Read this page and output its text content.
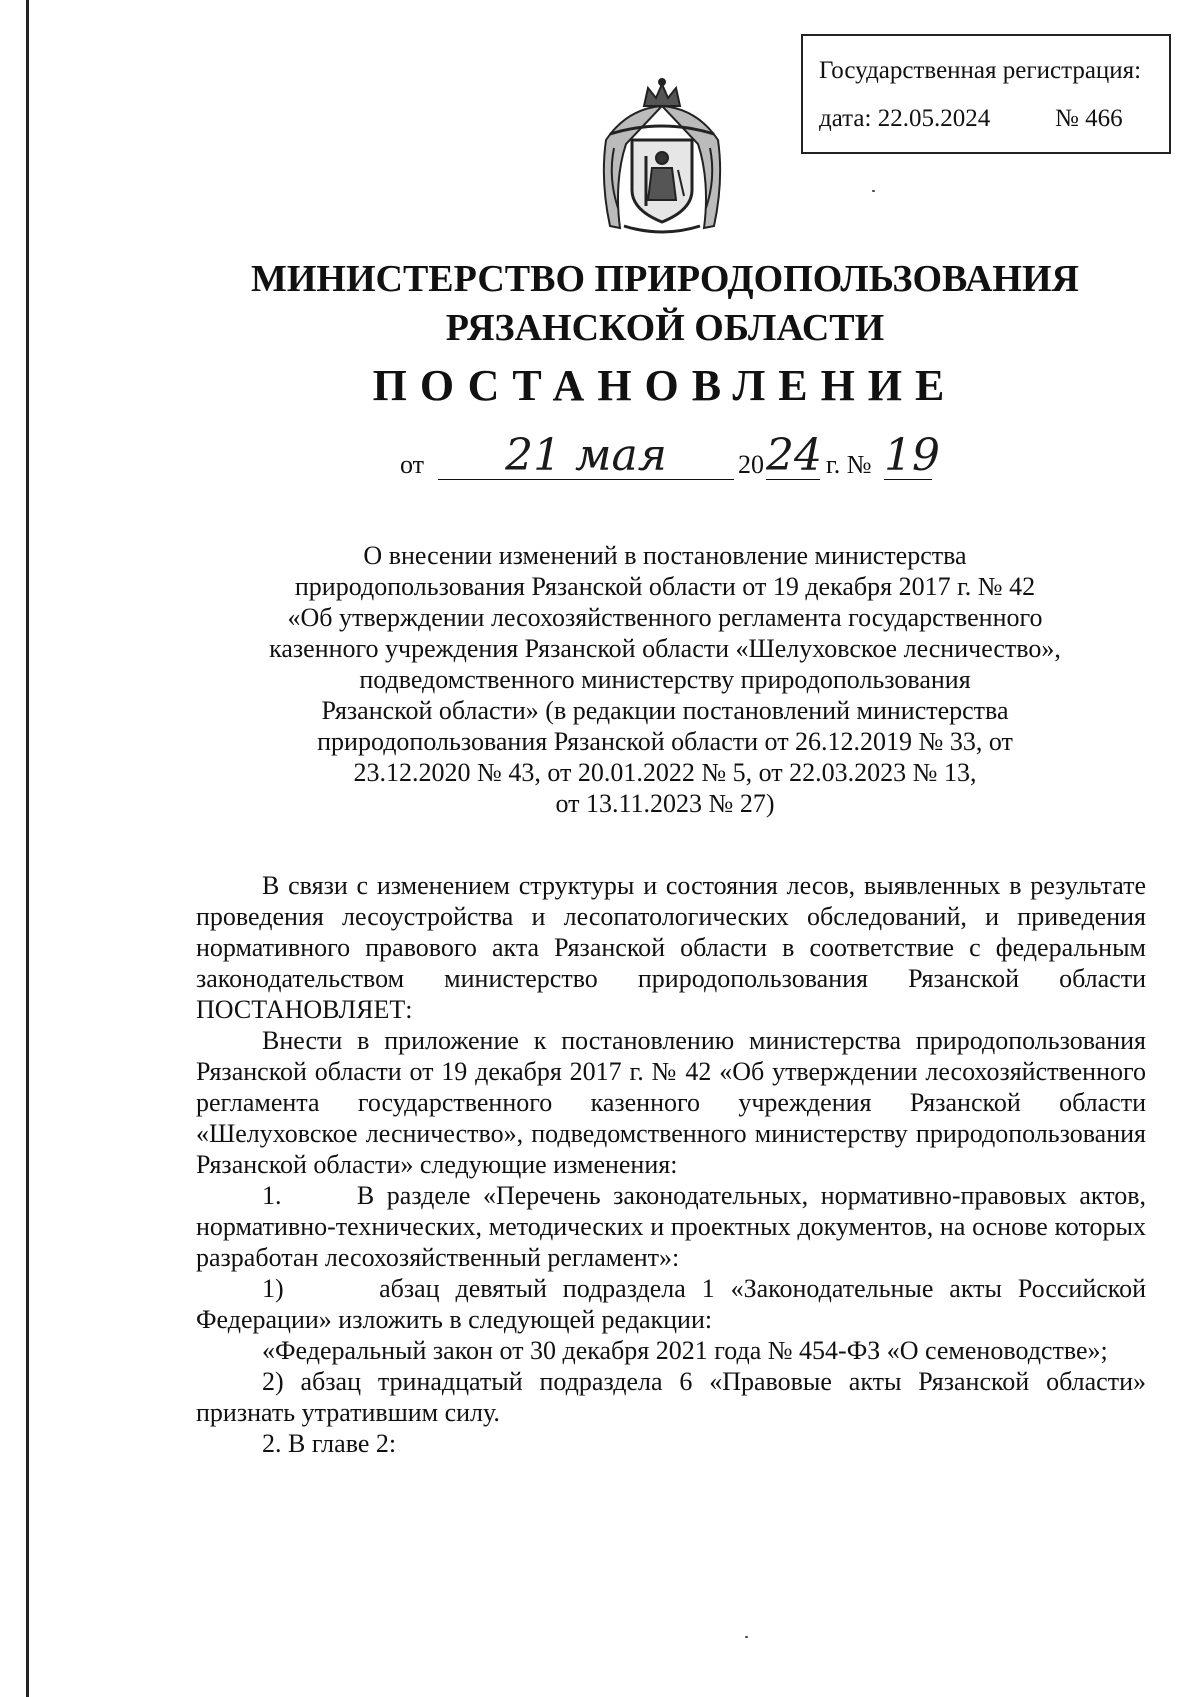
Государственная регистрация:
дата: 22.05.2024	№ 466
МИНИСТЕРСТВО ПРИРОДОПОЛЬЗОВАНИЯ
РЯЗАНСКОЙ ОБЛАСТИ
ПОСТАНОВЛЕНИЕ
от	21 мая	20 24 г. № 19
О внесении изменений в постановление министерства
природопользования Рязанской области от 19 декабря 2017 г. № 42
«Об утверждении лесохозяйственного регламента государственного
казенного учреждения Рязанской области «Шелуховское лесничество»,
подведомственного министерству природопользования
Рязанской области» (в редакции постановлений министерства
природопользования Рязанской области от 26.12.2019 № 33, от
23.12.2020 № 43, от 20.01.2022 № 5, от 22.03.2023 № 13,
от 13.11.2023 № 27)

В связи с изменением структуры и состояния лесов, выявленных в результате проведения лесоустройства и лесопатологических обследований, и приведения нормативного правового акта Рязанской области в соответствие с федеральным законодательством министерство природопользования Рязанской области ПОСТАНОВЛЯЕТ:

Внести в приложение к постановлению министерства природопользования Рязанской области от 19 декабря 2017 г. № 42 «Об утверждении лесохозяйственного регламента государственного казенного учреждения Рязанской области «Шелуховское лесничество», подведомственного министерству природопользования Рязанской области» следующие изменения:

1.      В разделе «Перечень законодательных, нормативно-правовых актов, нормативно-технических, методических и проектных документов, на основе которых разработан лесохозяйственный регламент»:

1)      абзац девятый подраздела 1 «Законодательные акты Российской Федерации» изложить в следующей редакции:

«Федеральный закон от 30 декабря 2021 года № 454-ФЗ «О семеноводстве»;

2) абзац тринадцатый подраздела 6 «Правовые акты Рязанской области» признать утратившим силу.

2. В главе 2:
